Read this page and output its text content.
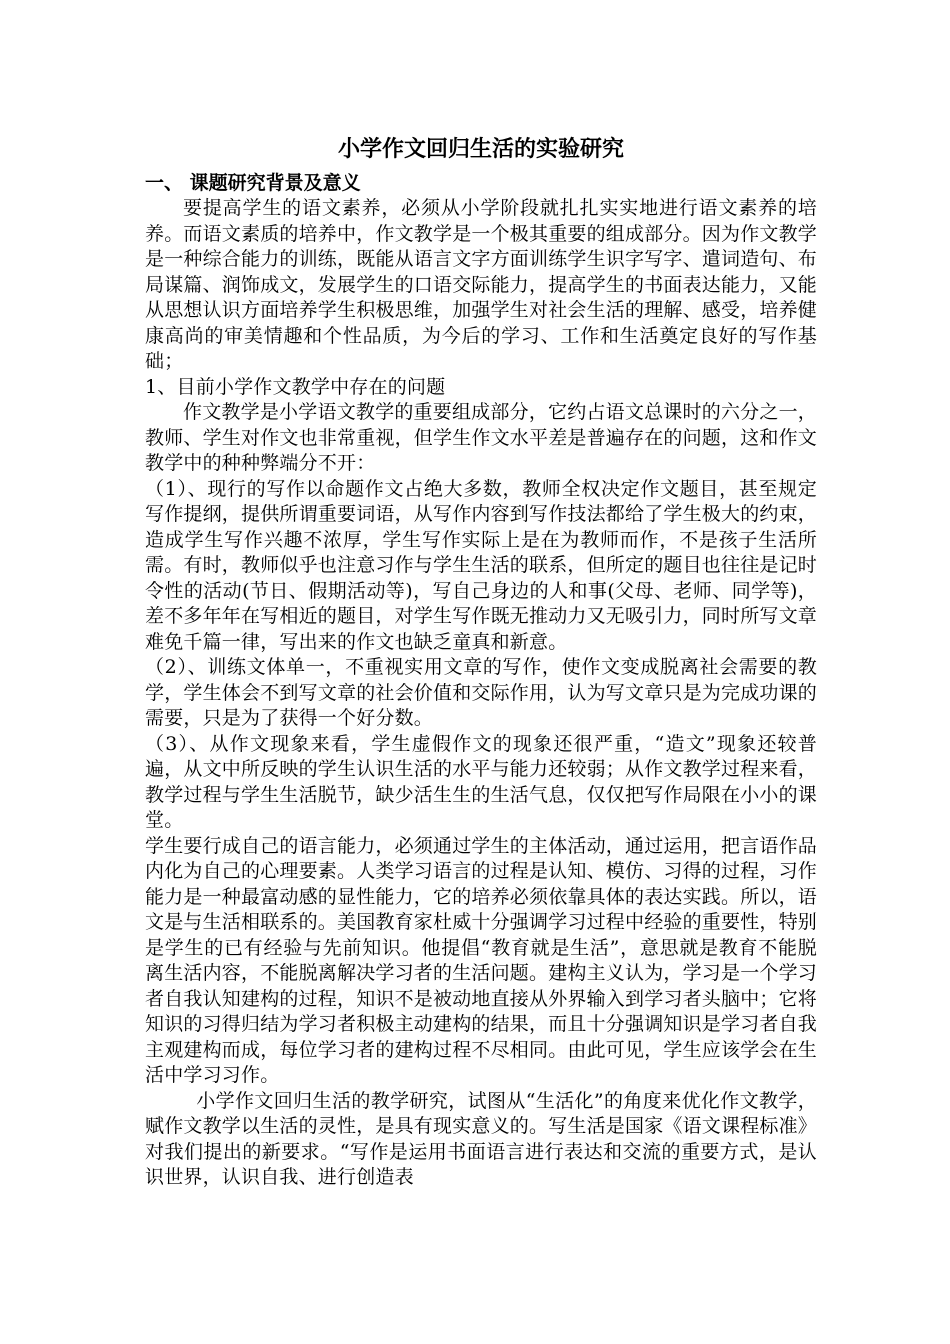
小学作文回归生活的实验研究
一、 课题研究背景及意义

要提高学生的语文素养，必须从小学阶段就扎扎实实地进行语文素养的培养。而语文素质的培养中，作文教学是一个极其重要的组成部分。因为作文教学是一种综合能力的训练，既能从语言文字方面训练学生识字写字、遣词造句、布局谋篇、润饰成文，发展学生的口语交际能力，提高学生的书面表达能力，又能从思想认识方面培养学生积极思维，加强学生对社会生活的理解、感受，培养健康高尚的审美情趣和个性品质，为今后的学习、工作和生活奠定良好的写作基础；

1、目前小学作文教学中存在的问题

作文教学是小学语文教学的重要组成部分，它约占语文总课时的六分之一，教师、学生对作文也非常重视，但学生作文水平差是普遍存在的问题，这和作文教学中的种种弊端分不开：

（1）、现行的写作以命题作文占绝大多数，教师全权决定作文题目，甚至规定写作提纲，提供所谓重要词语，从写作内容到写作技法都给了学生极大的约束，造成学生写作兴趣不浓厚，学生写作实际上是在为教师而作，不是孩子生活所需。有时，教师似乎也注意习作与学生生活的联系，但所定的题目也往往是记时令性的活动(节日、假期活动等)，写自己身边的人和事(父母、老师、同学等)，差不多年年在写相近的题目，对学生写作既无推动力又无吸引力，同时所写文章难免千篇一律，写出来的作文也缺乏童真和新意。

（2）、训练文体单一，不重视实用文章的写作，使作文变成脱离社会需要的教学，学生体会不到写文章的社会价值和交际作用，认为写文章只是为完成功课的需要，只是为了获得一个好分数。

（3）、从作文现象来看，学生虚假作文的现象还很严重，“造文”现象还较普遍，从文中所反映的学生认识生活的水平与能力还较弱；从作文教学过程来看，教学过程与学生生活脱节，缺少活生生的生活气息，仅仅把写作局限在小小的课堂。

学生要行成自己的语言能力，必须通过学生的主体活动，通过运用，把言语作品内化为自己的心理要素。人类学习语言的过程是认知、模仿、习得的过程，习作能力是一种最富动感的显性能力，它的培养必须依靠具体的表达实践。所以，语文是与生活相联系的。美国教育家杜威十分强调学习过程中经验的重要性，特别是学生的已有经验与先前知识。他提倡“教育就是生活”，意思就是教育不能脱离生活内容，不能脱离解决学习者的生活问题。建构主义认为，学习是一个学习者自我认知建构的过程，知识不是被动地直接从外界输入到学习者头脑中；它将知识的习得归结为学习者积极主动建构的结果，而且十分强调知识是学习者自我主观建构而成，每位学习者的建构过程不尽相同。由此可见，学生应该学会在生活中学习习作。

小学作文回归生活的教学研究，试图从“生活化”的角度来优化作文教学，赋作文教学以生活的灵性，是具有现实意义的。写生活是国家《语文课程标准》对我们提出的新要求。“写作是运用书面语言进行表达和交流的重要方式，是认识世界，认识自我、进行创造表
